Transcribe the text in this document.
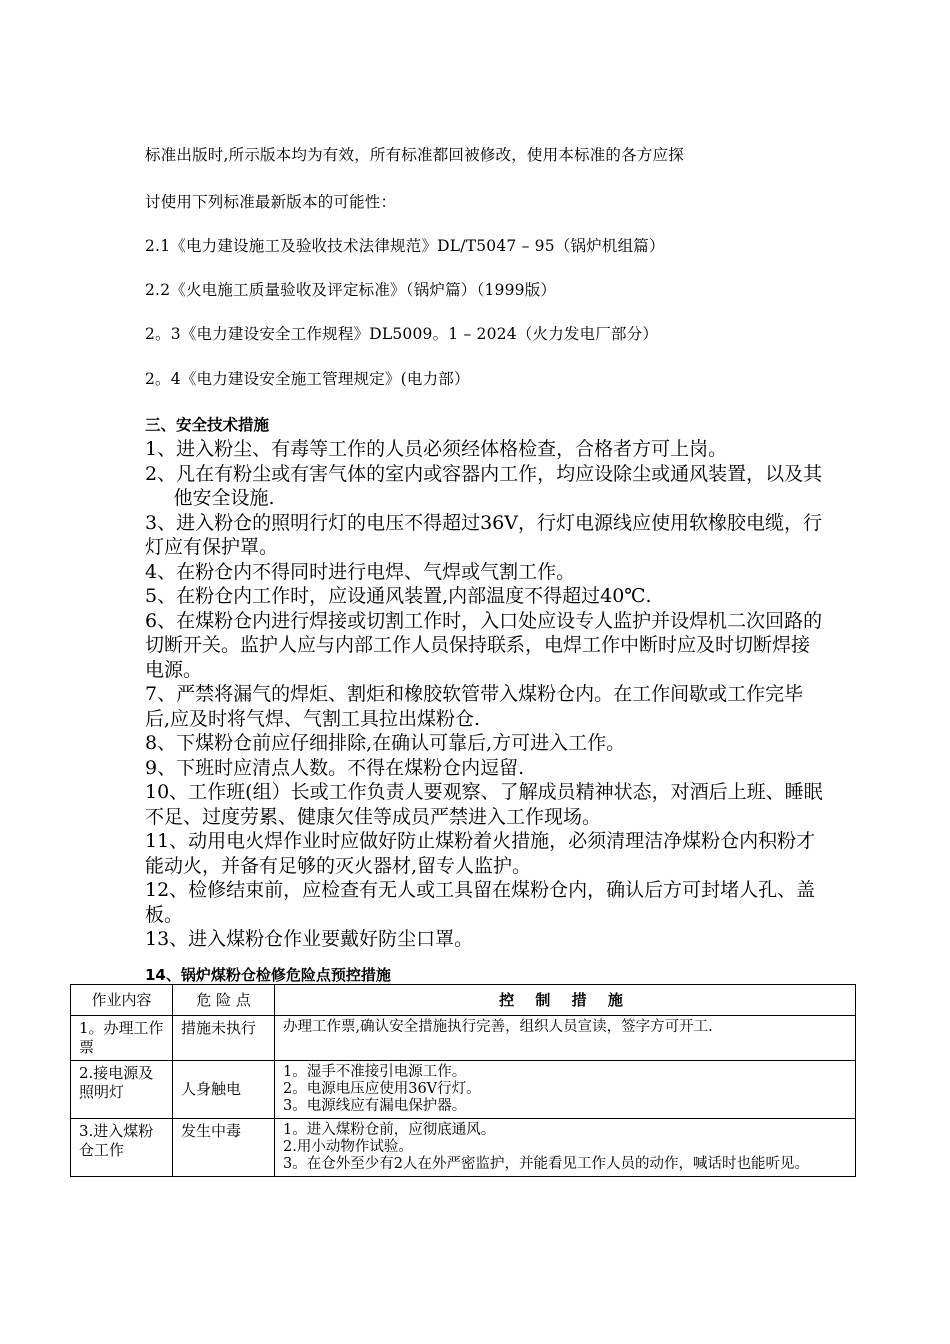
标准出版时,所示版本均为有效，所有标准都回被修改，使用本标准的各方应探
讨使用下列标准最新版本的可能性：
2.1《电力建设施工及验收技术法律规范》DL/T5047 – 95（锅炉机组篇）
2.2《火电施工质量验收及评定标准》（锅炉篇）（1999版）
2。3《电力建设安全工作规程》DL5009。1 – 2024（火力发电厂部分）
2。4《电力建设安全施工管理规定》(电力部）
三、安全技术措施

1、进入粉尘、有毒等工作的人员必须经体格检查，合格者方可上岗。

2、凡在有粉尘或有害气体的室内或容器内工作，均应设除尘或通风装置，以及其他安全设施.

3、进入粉仓的照明行灯的电压不得超过36V，行灯电源线应使用软橡胶电缆，行灯应有保护罩。

4、在粉仓内不得同时进行电焊、气焊或气割工作。

5、在粉仓内工作时，应设通风装置,内部温度不得超过40℃.

6、在煤粉仓内进行焊接或切割工作时，入口处应设专人监护并设焊机二次回路的切断开关。监护人应与内部工作人员保持联系，电焊工作中断时应及时切断焊接电源。

7、严禁将漏气的焊炬、割炬和橡胶软管带入煤粉仓内。在工作间歇或工作完毕后,应及时将气焊、气割工具拉出煤粉仓.

8、下煤粉仓前应仔细排除,在确认可靠后,方可进入工作。

9、下班时应清点人数。不得在煤粉仓内逗留.

10、工作班(组）长或工作负责人要观察、了解成员精神状态，对酒后上班、睡眠不足、过度劳累、健康欠佳等成员严禁进入工作现场。

11、动用电火焊作业时应做好防止煤粉着火措施，必须清理洁净煤粉仓内积粉才能动火，并备有足够的灭火器材,留专人监护。

12、检修结束前，应检查有无人或工具留在煤粉仓内，确认后方可封堵人孔、盖板。

13、进入煤粉仓作业要戴好防尘口罩。

14、锅炉煤粉仓检修危险点预控措施
作业内容	危 险 点	控 制 措 施
1。办理工作票	措施未执行	办理工作票,确认安全措施执行完善，组织人员宣读，签字方可开工.

2.接电源及照明灯	人身触电	1。湿手不准接引电源工作。
2。电源电压应使用36V行灯。
3。电源线应有漏电保护器。

3.进入煤粉仓工作	发生中毒	1。进入煤粉仓前，应彻底通风。
2.用小动物作试验。
3。在仓外至少有2人在外严密监护，并能看见工作人员的动作，喊话时也能听见。
